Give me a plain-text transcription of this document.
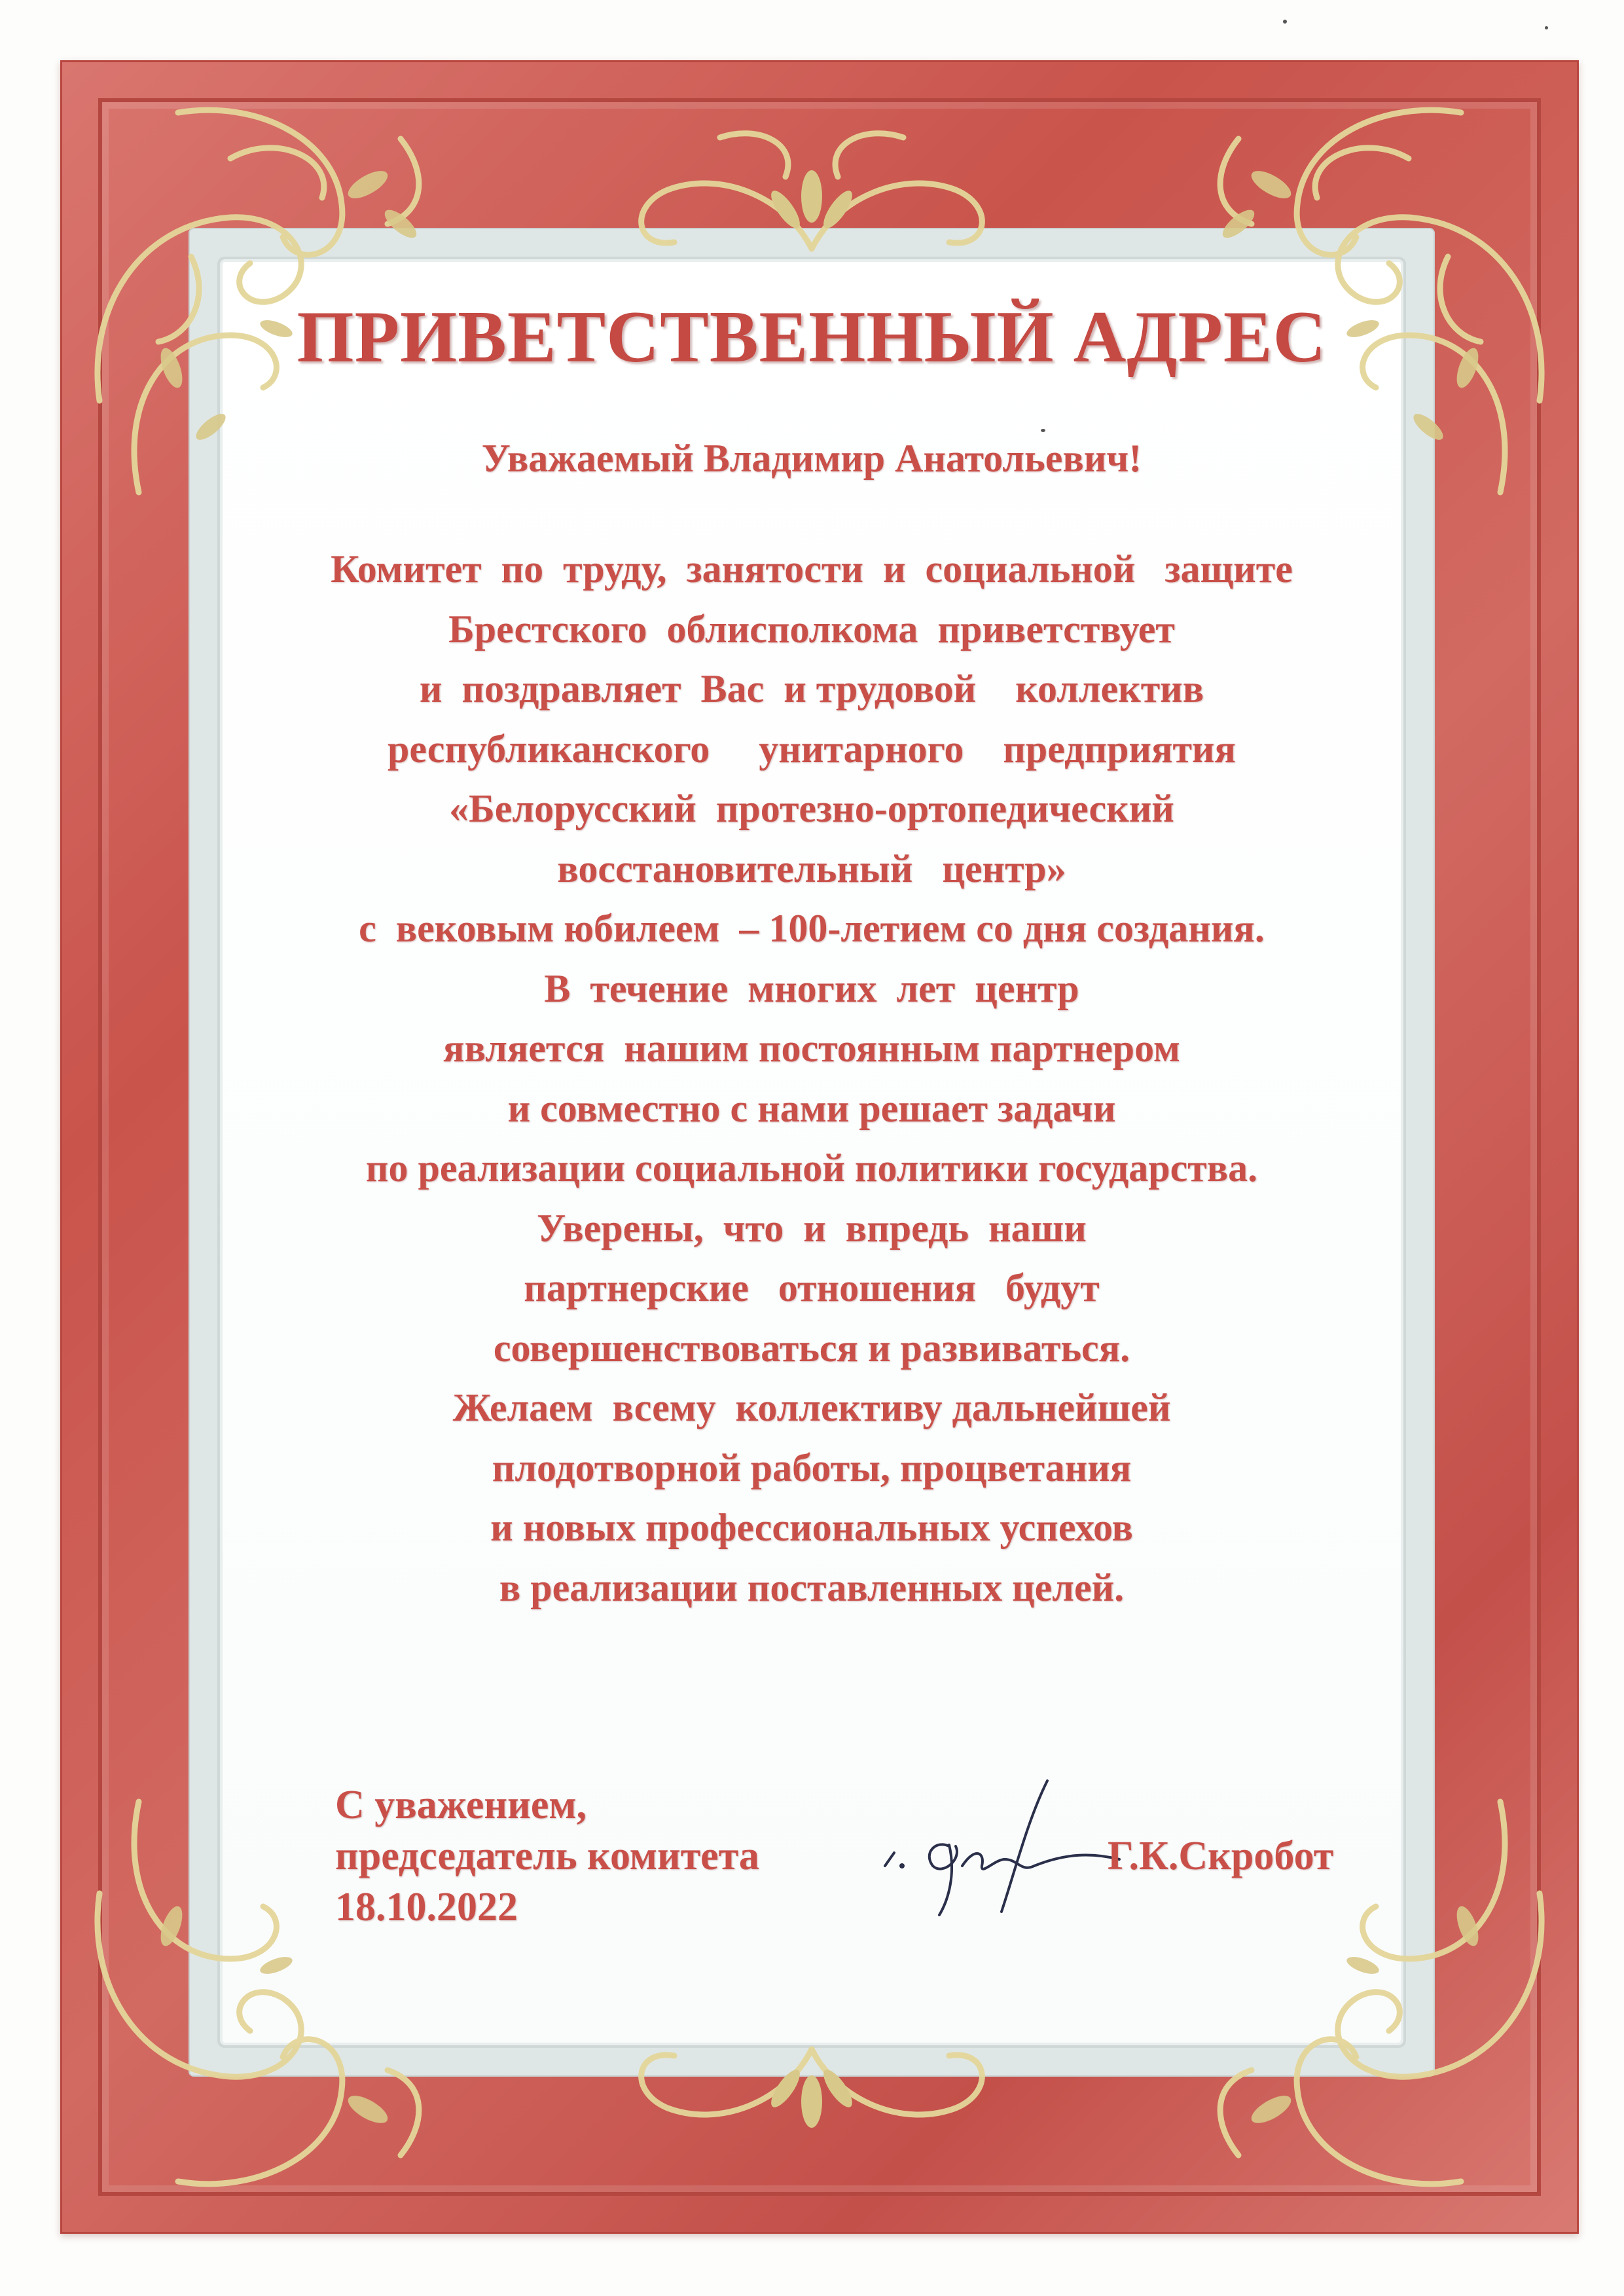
ПРИВЕТСТВЕННЫЙ АДРЕС
Уважаемый Владимир Анатольевич!
Комитет  по  труду,  занятости  и  социальной   защите
Брестского  облисполкома  приветствует
и  поздравляет  Вас  и трудовой    коллектив
республиканского     унитарного    предприятия
«Белорусский  протезно-ортопедический
восстановительный   центр»
с  вековым юбилеем  – 100-летием со дня создания.
В  течение  многих  лет  центр
является  нашим постоянным партнером
и совместно с нами решает задачи
по реализации социальной политики государства.
Уверены,  что  и  впредь  наши
партнерские   отношения   будут
совершенствоваться и развиваться.
Желаем  всему  коллективу дальнейшей
плодотворной работы, процветания
и новых профессиональных успехов
в реализации поставленных целей.
С уважением,
председатель комитета
18.10.2022
Г.К.Скробот
